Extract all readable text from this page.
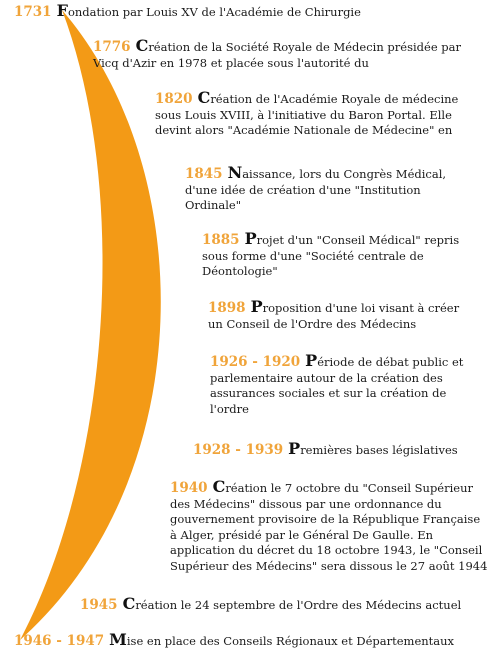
1731 Fondation par Louis XV de l'Académie de Chirurgie
1776 Création de la Société Royale de Médecin présidée par
Vicq d'Azir en 1978 et placée sous l'autorité du
1820 Création de l'Académie Royale de médecine
sous Louis XVIII, à l'initiative du Baron Portal. Elle
devint alors "Académie Nationale de Médecine" en
1845 Naissance, lors du Congrès Médical,
d'une idée de création d'une "Institution
Ordinale"
1885 Projet d'un "Conseil Médical" repris
sous forme d'une "Société centrale de
Déontologie"
1898 Proposition d'une loi visant à créer
un Conseil de l'Ordre des Médecins
1926 - 1920 Période de débat public et
parlementaire autour de la création des
assurances sociales et sur la création de
l'ordre
1928 - 1939 Premières bases législatives
1940 Création le 7 octobre du "Conseil Supérieur
des Médecins" dissous par une ordonnance du
gouvernement provisoire de la République Française
à Alger, présidé par le Général De Gaulle. En
application du décret du 18 octobre 1943, le "Conseil
Supérieur des Médecins" sera dissous le 27 août 1944
1945 Création le 24 septembre de l'Ordre des Médecins actuel
1946 - 1947 Mise en place des Conseils Régionaux et Départementaux
